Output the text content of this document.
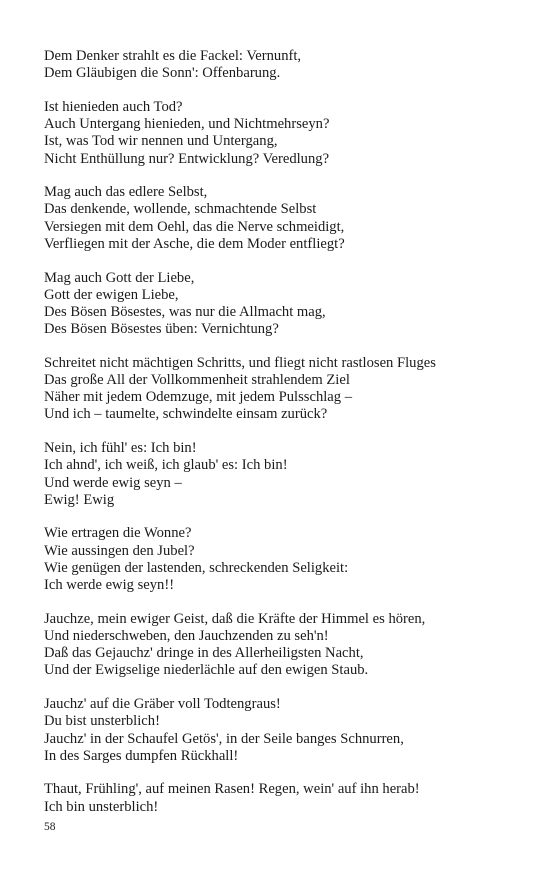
Dem Denker strahlt es die Fackel: Vernunft,
Dem Gläubigen die Sonn': Offenbarung.
Ist hienieden auch Tod?
Auch Untergang hienieden, und Nichtmehrseyn?
Ist, was Tod wir nennen und Untergang,
Nicht Enthüllung nur? Entwicklung? Veredlung?
Mag auch das edlere Selbst,
Das denkende, wollende, schmachtende Selbst
Versiegen mit dem Oehl, das die Nerve schmeidigt,
Verfliegen mit der Asche, die dem Moder entfliegt?
Mag auch Gott der Liebe,
Gott der ewigen Liebe,
Des Bösen Bösestes, was nur die Allmacht mag,
Des Bösen Bösestes üben: Vernichtung?
Schreitet nicht mächtigen Schritts, und fliegt nicht rastlosen Fluges
Das große All der Vollkommenheit strahlendem Ziel
Näher mit jedem Odemzuge, mit jedem Pulsschlag –
Und ich – taumelte, schwindelte einsam zurück?
Nein, ich fühl' es: Ich bin!
Ich ahnd', ich weiß, ich glaub' es: Ich bin!
Und werde ewig seyn –
Ewig! Ewig
Wie ertragen die Wonne?
Wie aussingen den Jubel?
Wie genügen der lastenden, schreckenden Seligkeit:
Ich werde ewig seyn!!
Jauchze, mein ewiger Geist, daß die Kräfte der Himmel es hören,
Und niederschweben, den Jauchzenden zu seh'n!
Daß das Gejauchz' dringe in des Allerheiligsten Nacht,
Und der Ewigselige niederlächle auf den ewigen Staub.
Jauchz' auf die Gräber voll Todtengraus!
Du bist unsterblich!
Jauchz' in der Schaufel Getös', in der Seile banges Schnurren,
In des Sarges dumpfen Rückhall!
Thaut, Frühling', auf meinen Rasen! Regen, wein' auf ihn herab!
Ich bin unsterblich!
58
